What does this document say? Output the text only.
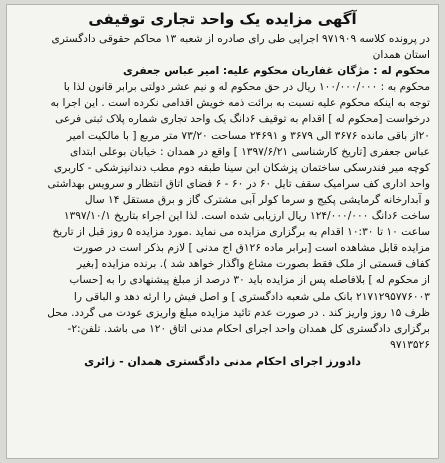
آگهی مزایده یک واحد تجاری توقیفی

در پرونده کلاسه ۹۷۱۹۰۹ اجرایی طی رای صادره از شعبه ۱۳ محاکم حقوقی دادگستری
استان همدان
محکوم له : مژگان غفاریان محکوم علیه: امیر عباس جعفری
محکوم به : ۱۰۰/۰۰۰/۰۰۰ ریال در حق محکوم له و نیم عشر دولتی برابر قانون لذا با
توجه به اینکه محکوم علیه نسبت به برائت ذمه خویش اقدامی نکرده است . این اجرا به
درخواست [محکوم له ] اقدام به توقیف ۶دانگ یک واحد تجاری شماره پلاک ثبتی فرعی
۲۰از باقی مانده ۳۶۷۶ الی ۳۶۷۹ و ۲۴۶۹۱ مساحت ۷۳/۲۰ متر مربع [ با مالکیت امیر
عباس جعفری [تاریخ کارشناسی ۱۳۹۷/۶/۲۱ ] واقع در همدان : خیابان بوعلی ابتدای
کوچه میر فندرسکی ساختمان پزشکان ابن سینا طبقه دوم مطب دندانپزشکی - کاربری
واحد اداری کف سرامیک سقف تایل ۶۰ در ۶۰ - ۶ فضای اتاق انتظار و سرویس بهداشتی
و آبدارخانه گرمایشی پکیج و سرما کولر آبی مشترک گاز و برق مستقل ۱۴ سال
ساخت ۶دانگ ۱۲۴/۰۰۰/۰۰۰ ریال ارزیابی شده است. لذا این اجراء بتاریخ ۱۳۹۷/۱۰/۱
ساعت ۱۰ تا ۱۰:۳۰ اقدام به برگزاری مزایده می نماید .مورد مزایده ۵ روز قبل از تاریخ
مزایده قابل مشاهده است [برابر ماده ۱۲۶ق اج مدنی ] لازم بذکر است در صورت
کفاف قسمتی از ملک فقط بصورت مشاع واگذار خواهد شد ). برنده مزایده [بغیر
از محکوم له ] بلافاصله پس از مزایده باید ۳۰ درصد از مبلغ پیشنهادی را به [حساب
۲۱۷۱۲۹۵۷۷۶۰۰۳ بانک ملی شعبه دادگستری ] و اصل فیش را ارئه دهد و الباقی را
ظرف ۱۵ روز واریز کند . در صورت عدم تائید مزایده مبلغ واریزی عودت می گردد. محل
برگزاری دادگستری کل همدان واحد اجرای احکام مدنی اتاق ۱۲۰ می باشد. تلفن:۲-
۹۷۱۳۵۲۶

دادورز اجرای احکام مدنی دادگستری همدان - زائری
